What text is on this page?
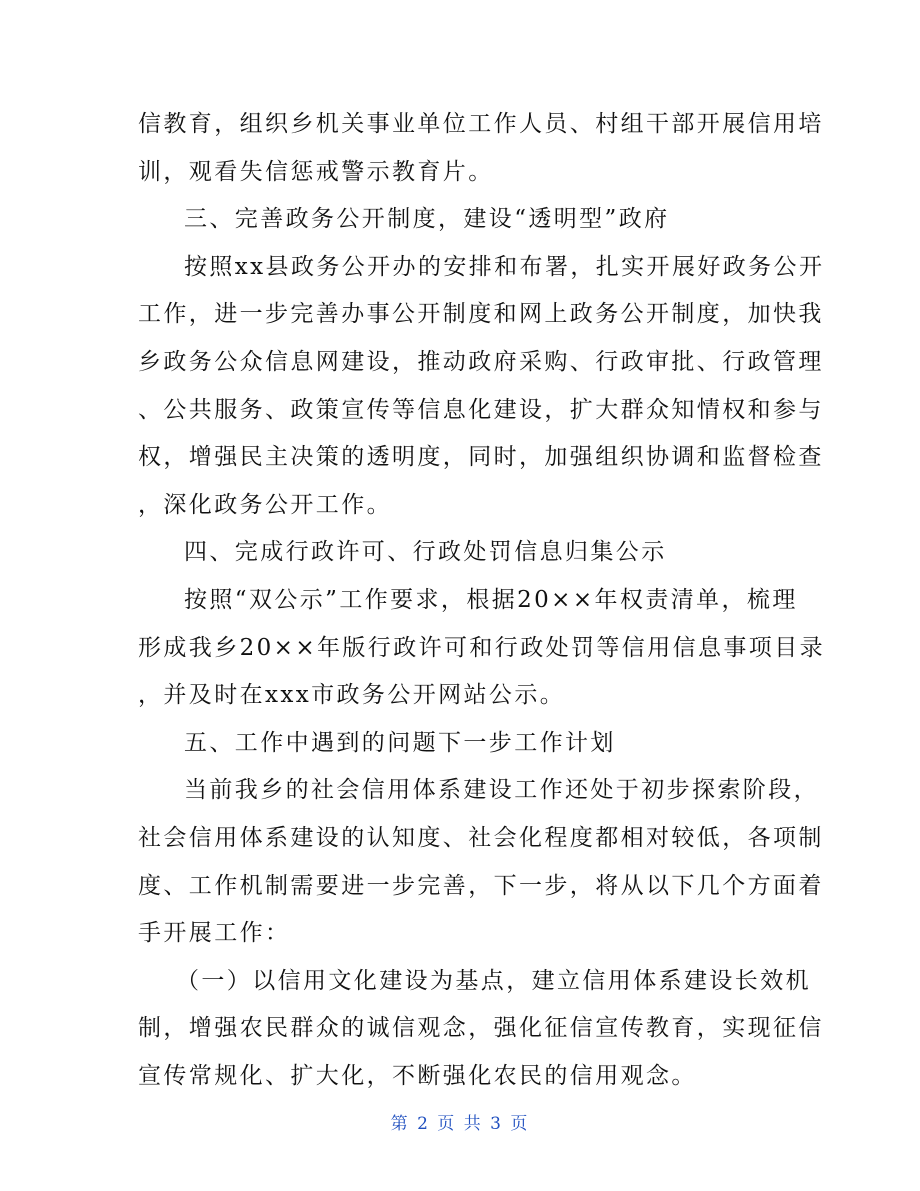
信教育，组织乡机关事业单位工作人员、村组干部开展信用培
训，观看失信惩戒警示教育片。
三、完善政务公开制度，建设“透明型”政府
按照xx县政务公开办的安排和布署，扎实开展好政务公开
工作，进一步完善办事公开制度和网上政务公开制度，加快我
乡政务公众信息网建设，推动政府采购、行政审批、行政管理
、公共服务、政策宣传等信息化建设，扩大群众知情权和参与
权，增强民主决策的透明度，同时，加强组织协调和监督检查
，深化政务公开工作。
四、完成行政许可、行政处罚信息归集公示
按照“双公示”工作要求，根据20××年权责清单，梳理
形成我乡20××年版行政许可和行政处罚等信用信息事项目录
，并及时在xxx市政务公开网站公示。
五、工作中遇到的问题下一步工作计划
当前我乡的社会信用体系建设工作还处于初步探索阶段，
社会信用体系建设的认知度、社会化程度都相对较低，各项制
度、工作机制需要进一步完善，下一步，将从以下几个方面着
手开展工作：
（一）以信用文化建设为基点，建立信用体系建设长效机
制，增强农民群众的诚信观念，强化征信宣传教育，实现征信
宣传常规化、扩大化，不断强化农民的信用观念。
第 2 页 共 3 页
